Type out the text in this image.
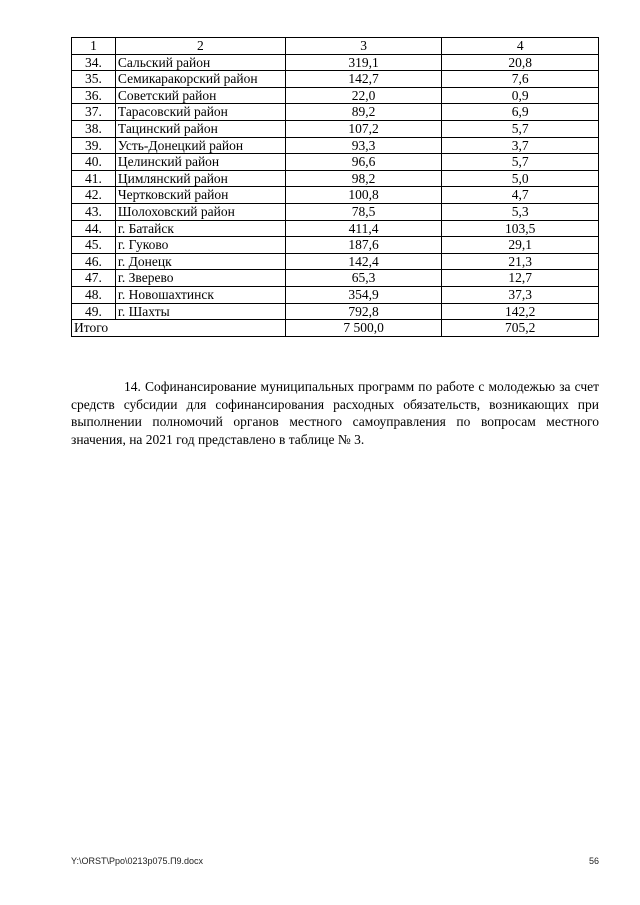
1	2	3	4
34.	Сальский район	319,1	20,8
35.	Семикаракорский район	142,7	7,6
36.	Советский район	22,0	0,9
37.	Тарасовский район	89,2	6,9
38.	Тацинский район	107,2	5,7
39.	Усть-Донецкий район	93,3	3,7
40.	Целинский район	96,6	5,7
41.	Цимлянский район	98,2	5,0
42.	Чертковский район	100,8	4,7
43.	Шолоховский район	78,5	5,3
44.	г. Батайск	411,4	103,5
45.	г. Гуково	187,6	29,1
46.	г. Донецк	142,4	21,3
47.	г. Зверево	65,3	12,7
48.	г. Новошахтинск	354,9	37,3
49.	г. Шахты	792,8	142,2
Итого		7 500,0	705,2

14. Софинансирование муниципальных программ по работе с молодежью за счет средств субсидии для софинансирования расходных обязательств, возникающих при выполнении полномочий органов местного самоуправления по вопросам местного значения, на 2021 год представлено в таблице № 3.

Y:\ORST\Ppo\0213p075.П9.docx	56
